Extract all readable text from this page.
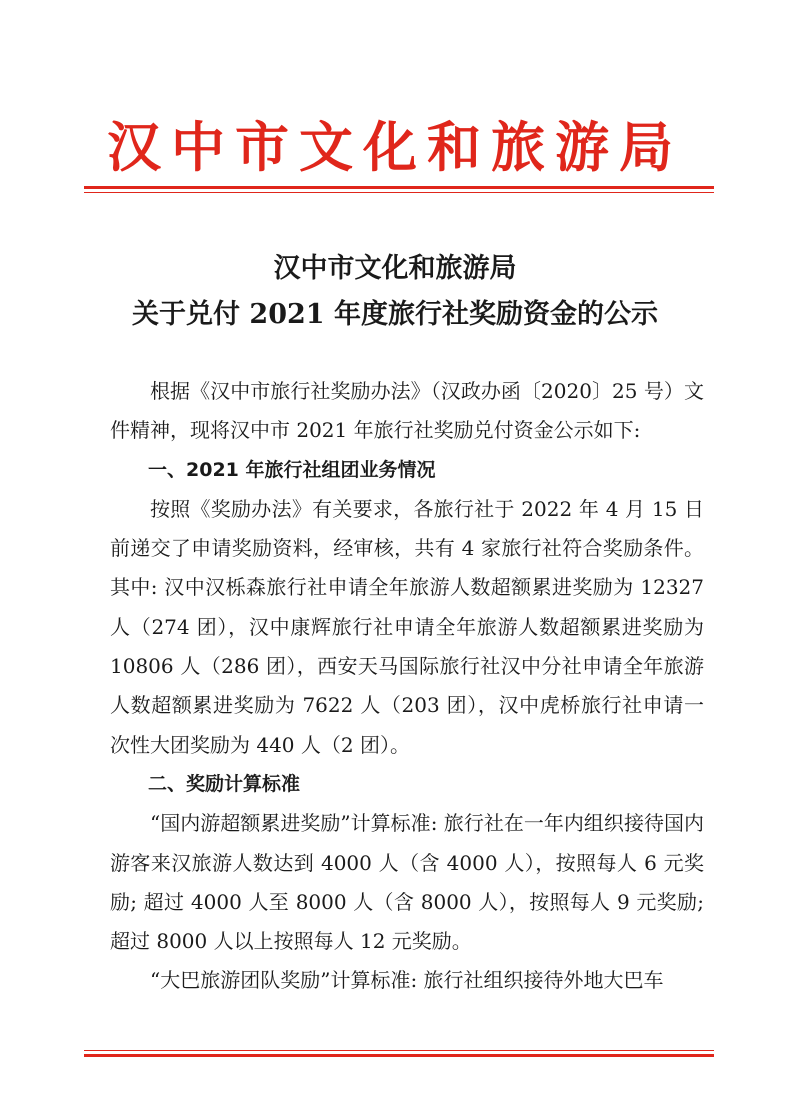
汉中市文化和旅游局
汉中市文化和旅游局
关于兑付 2021 年度旅行社奖励资金的公示

根据《汉中市旅行社奖励办法》（汉政办函〔2020〕25 号）文件精神，现将汉中市 2021 年旅行社奖励兑付资金公示如下:

一、2021 年旅行社组团业务情况

按照《奖励办法》有关要求，各旅行社于 2022 年 4 月 15 日前递交了申请奖励资料，经审核，共有 4 家旅行社符合奖励条件。其中: 汉中汉栎森旅行社申请全年旅游人数超额累进奖励为 12327 人（274 团），汉中康辉旅行社申请全年旅游人数超额累进奖励为 10806 人（286 团），西安天马国际旅行社汉中分社申请全年旅游人数超额累进奖励为 7622 人（203 团），汉中虎桥旅行社申请一次性大团奖励为 440 人（2 团）。

二、奖励计算标准

“国内游超额累进奖励”计算标准: 旅行社在一年内组织接待国内游客来汉旅游人数达到 4000 人（含 4000 人），按照每人 6 元奖励; 超过 4000 人至 8000 人（含 8000 人），按照每人 9 元奖励; 超过 8000 人以上按照每人 12 元奖励。

“大巴旅游团队奖励”计算标准: 旅行社组织接待外地大巴车
